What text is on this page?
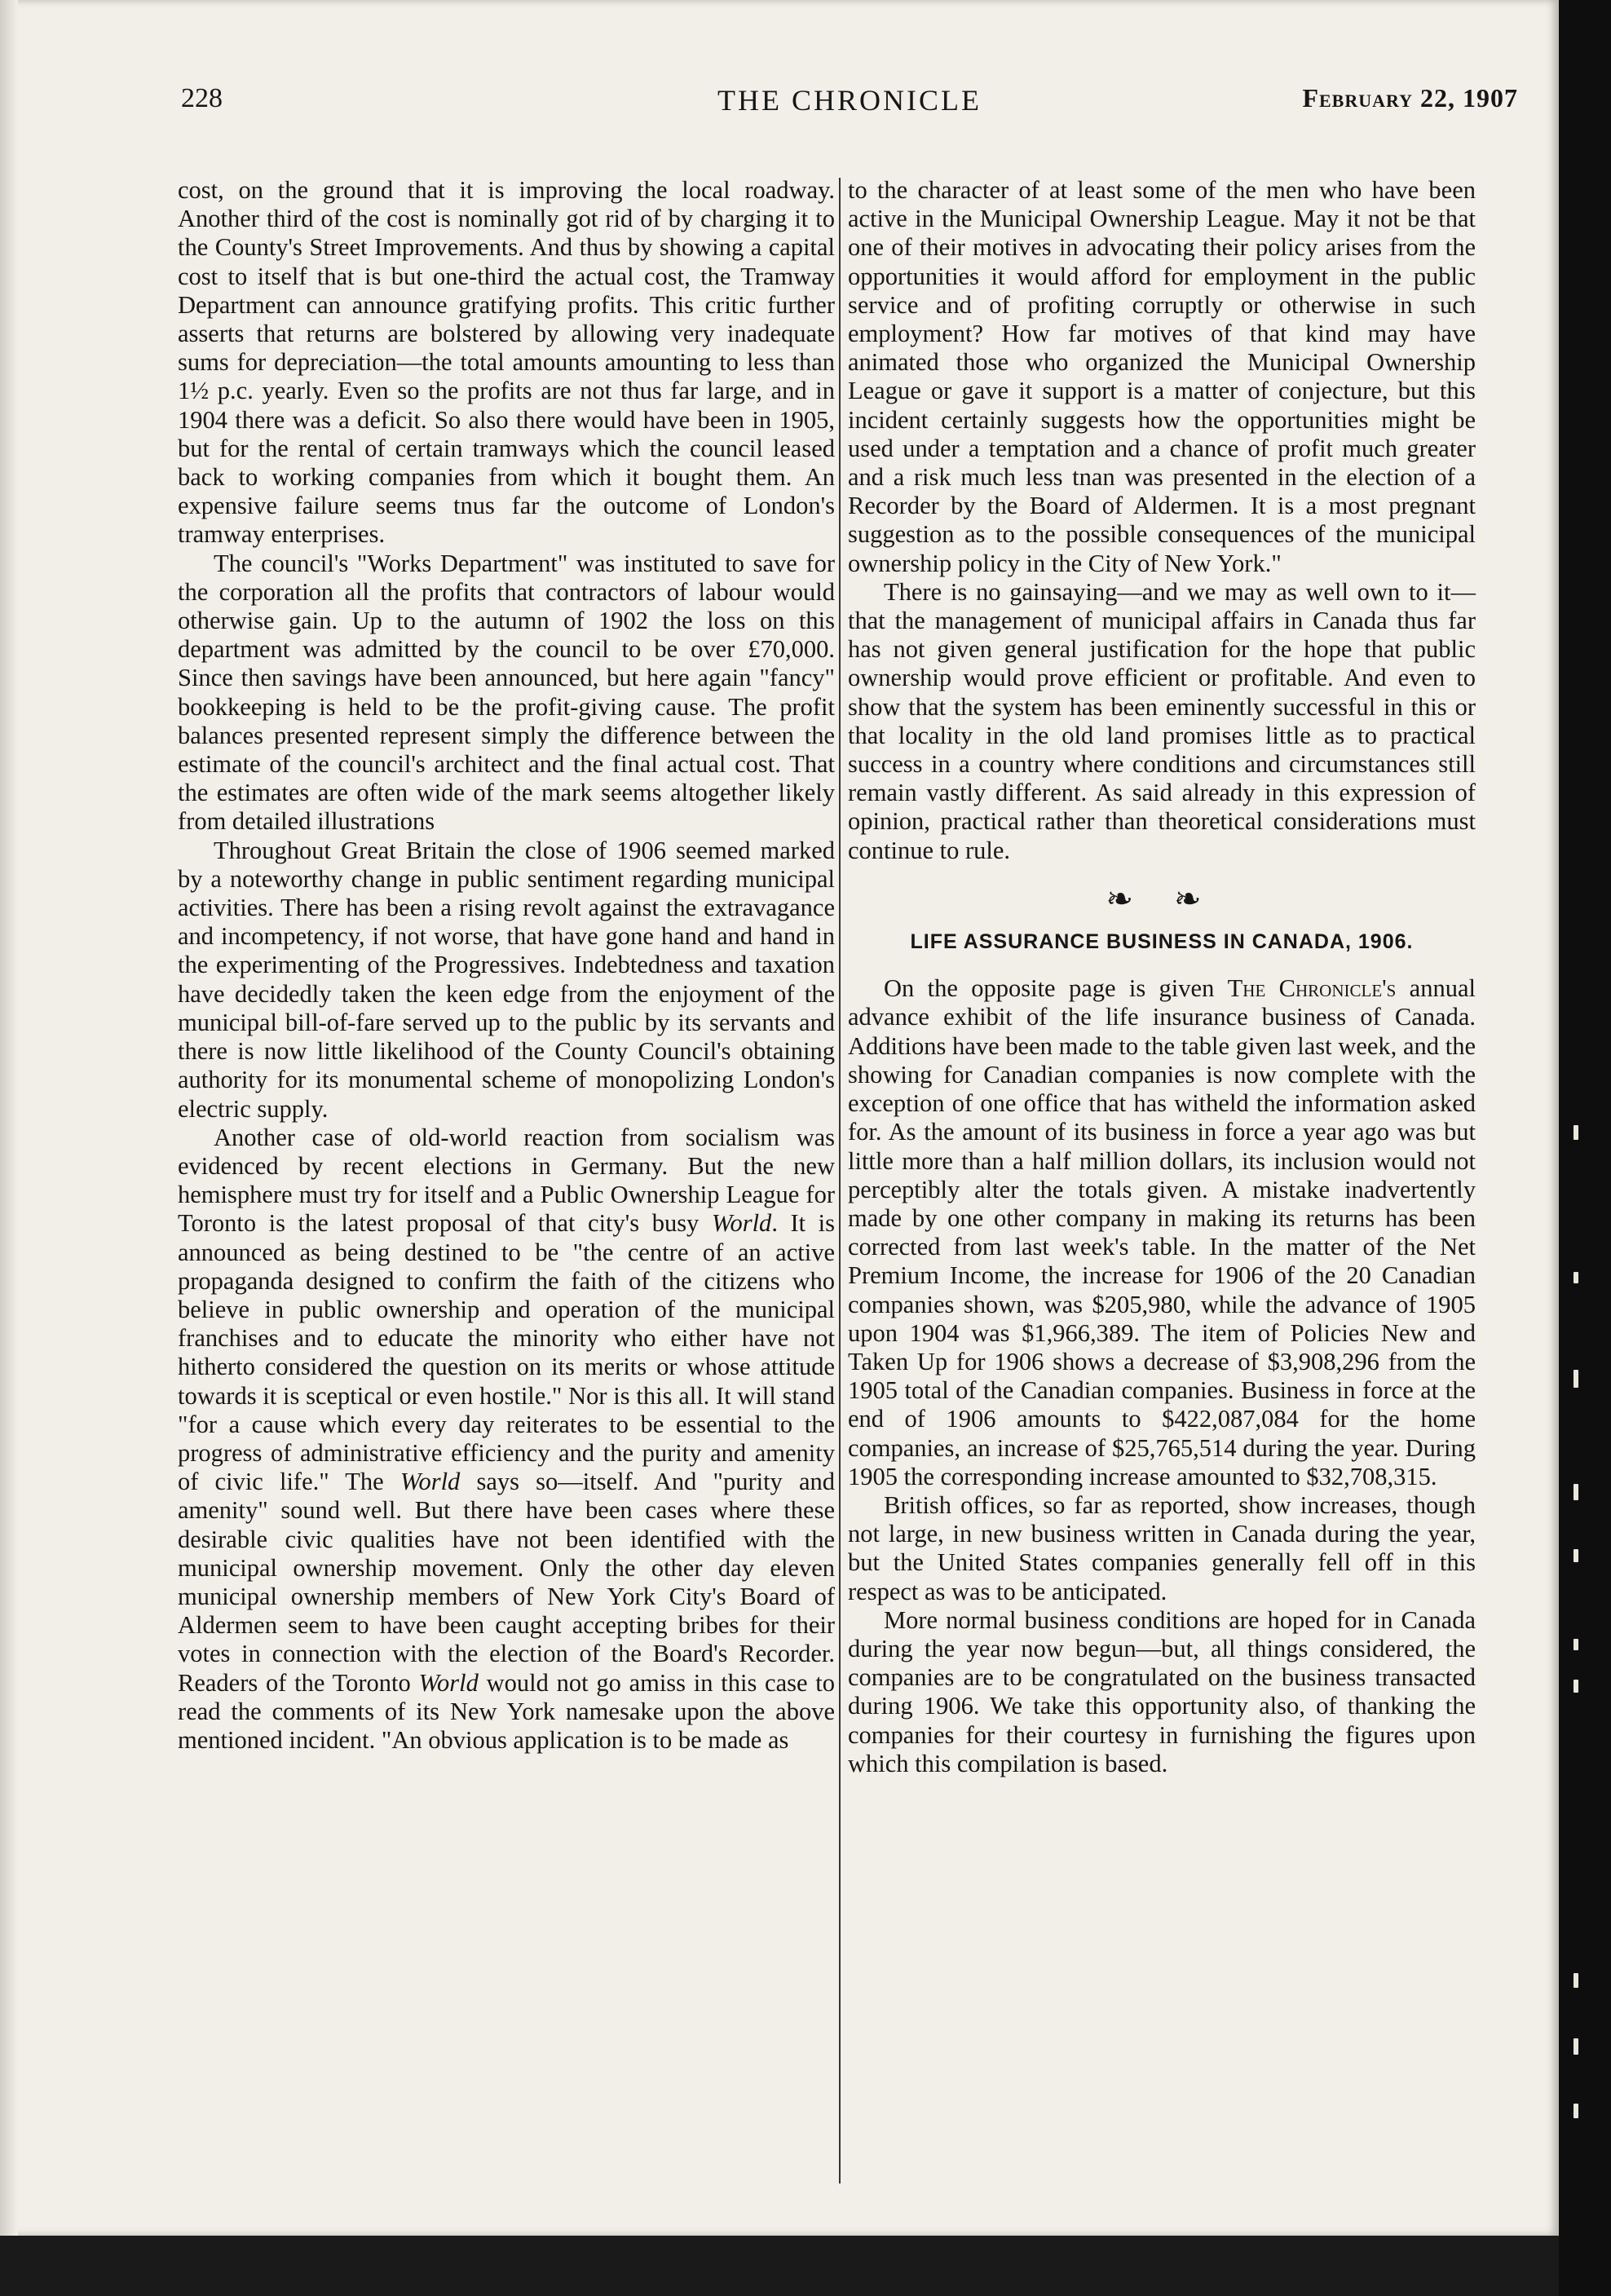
228	THE CHRONICLE	February 22, 1907

cost, on the ground that it is improving the local roadway. Another third of the cost is nominally got rid of by charging it to the County's Street Improvements. And thus by showing a capital cost to itself that is but one-third the actual cost, the Tramway Department can announce gratifying profits. This critic further asserts that returns are bolstered by allowing very inadequate sums for depreciation—the total amounts amounting to less than 1½ p.c. yearly. Even so the profits are not thus far large, and in 1904 there was a deficit. So also there would have been in 1905, but for the rental of certain tramways which the council leased back to working companies from which it bought them. An expensive failure seems tnus far the outcome of London's tramway enterprises.

The council's "Works Department" was instituted to save for the corporation all the profits that contractors of labour would otherwise gain. Up to the autumn of 1902 the loss on this department was admitted by the council to be over £70,000. Since then savings have been announced, but here again "fancy" bookkeeping is held to be the profit-giving cause. The profit balances presented represent simply the difference between the estimate of the council's architect and the final actual cost. That the estimates are often wide of the mark seems altogether likely from detailed illustrations

Throughout Great Britain the close of 1906 seemed marked by a noteworthy change in public sentiment regarding municipal activities. There has been a rising revolt against the extravagance and incompetency, if not worse, that have gone hand and hand in the experimenting of the Progressives. Indebtedness and taxation have decidedly taken the keen edge from the enjoyment of the municipal bill-of-fare served up to the public by its servants and there is now little likelihood of the County Council's obtaining authority for its monumental scheme of monopolizing London's electric supply.

Another case of old-world reaction from socialism was evidenced by recent elections in Germany. But the new hemisphere must try for itself and a Public Ownership League for Toronto is the latest proposal of that city's busy World. It is announced as being destined to be "the centre of an active propaganda designed to confirm the faith of the citizens who believe in public ownership and operation of the municipal franchises and to educate the minority who either have not hitherto considered the question on its merits or whose attitude towards it is sceptical or even hostile." Nor is this all. It will stand "for a cause which every day reiterates to be essential to the progress of administrative efficiency and the purity and amenity of civic life." The World says so—itself. And "purity and amenity" sound well. But there have been cases where these desirable civic qualities have not been identified with the municipal ownership movement. Only the other day eleven municipal ownership members of New York City's Board of Aldermen seem to have been caught accepting bribes for their votes in connection with the election of the Board's Recorder. Readers of the Toronto World would not go amiss in this case to read the comments of its New York namesake upon the above mentioned incident. "An obvious application is to be made as

to the character of at least some of the men who have been active in the Municipal Ownership League. May it not be that one of their motives in advocating their policy arises from the opportunities it would afford for employment in the public service and of profiting corruptly or otherwise in such employment? How far motives of that kind may have animated those who organized the Municipal Ownership League or gave it support is a matter of conjecture, but this incident certainly suggests how the opportunities might be used under a temptation and a chance of profit much greater and a risk much less tnan was presented in the election of a Recorder by the Board of Aldermen. It is a most pregnant suggestion as to the possible consequences of the municipal ownership policy in the City of New York."

There is no gainsaying—and we may as well own to it—that the management of municipal affairs in Canada thus far has not given general justification for the hope that public ownership would prove efficient or profitable. And even to show that the system has been eminently successful in this or that locality in the old land promises little as to practical success in a country where conditions and circumstances still remain vastly different. As said already in this expression of opinion, practical rather than theoretical considerations must continue to rule.

❧ ❧
LIFE ASSURANCE BUSINESS IN CANADA, 1906.

On the opposite page is given The Chronicle's annual advance exhibit of the life insurance business of Canada. Additions have been made to the table given last week, and the showing for Canadian companies is now complete with the exception of one office that has witheld the information asked for. As the amount of its business in force a year ago was but little more than a half million dollars, its inclusion would not perceptibly alter the totals given. A mistake inadvertently made by one other company in making its returns has been corrected from last week's table. In the matter of the Net Premium Income, the increase for 1906 of the 20 Canadian companies shown, was $205,980, while the advance of 1905 upon 1904 was $1,966,389. The item of Policies New and Taken Up for 1906 shows a decrease of $3,908,296 from the 1905 total of the Canadian companies. Business in force at the end of 1906 amounts to $422,087,084 for the home companies, an increase of $25,765,514 during the year. During 1905 the corresponding increase amounted to $32,708,315.

British offices, so far as reported, show increases, though not large, in new business written in Canada during the year, but the United States companies generally fell off in this respect as was to be anticipated.

More normal business conditions are hoped for in Canada during the year now begun—but, all things considered, the companies are to be congratulated on the business transacted during 1906. We take this opportunity also, of thanking the companies for their courtesy in furnishing the figures upon which this compilation is based.
